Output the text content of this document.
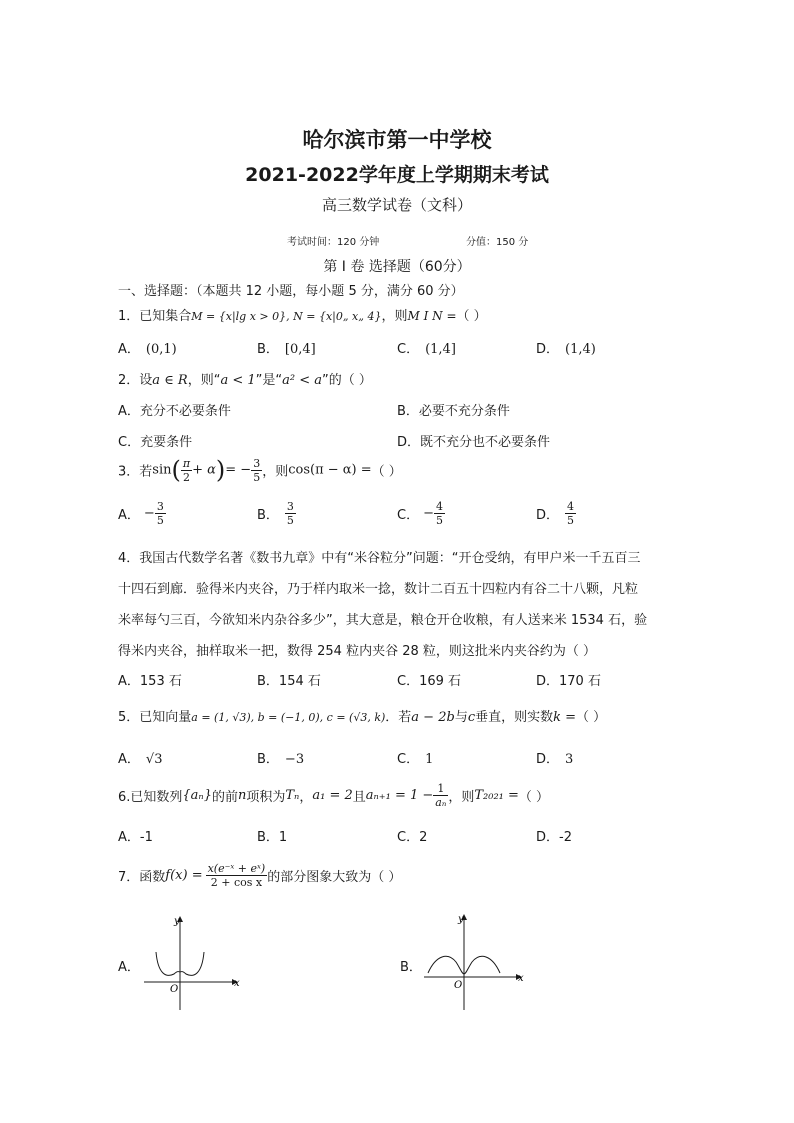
哈尔滨市第一中学校
2021-2022学年度上学期期末考试
高三数学试卷（文科）
考试时间：120 分钟	分值：150 分
第 I 卷 选择题（60分）
一、选择题：（本题共 12 小题，每小题 5 分，满分 60 分）
1．已知集合M = {x|lg x > 0}, N = {x|0„ x„ 4}，则M I N =（ ）
A． (0,1)	B． [0,4]	C． (1,4]	D． (1,4)
2．设a ∈ R，则“a < 1”是“a² < a”的（ ）
A．充分不必要条件	B．必要不充分条件
C．充要条件	D．既不充分也不必要条件
3．若$\sin( \frac{\pi}{2} + \alpha)= - \frac{3}{5}$ ，则cos(π − α) =（ ）
A． − $\frac{3}{5}$	B． $\frac{3}{5}$	C． − $\frac{4}{5}$	D． $\frac{4}{5}$
4．我国古代数学名著《数书九章》中有“米谷粒分”问题：“开仓受纳，有甲户米一千五百三
十四石到廊．验得米内夹谷，乃于样内取米一捻，数计二百五十四粒内有谷二十八颗，凡粒
米率每勺三百，今欲知米内杂谷多少”，其大意是，粮仓开仓收粮，有人送来米 1534 石，验
得米内夹谷，抽样取米一把，数得 254 粒内夹谷 28 粒，则这批米内夹谷约为（ ）
A．153 石	B．154 石	C．169 石	D．170 石
5．已知向量a = (1, √3), b = (−1, 0), c = (√3, k)．若a − 2b与c垂直，则实数k =（ ）
A． √3	B． −3	C． 1	D． 3
6.已知数列{aₙ}的前n项积为Tₙ，a₁ = 2且$a_{n+1} = 1 - \frac{1}{\text{aₙ}}$ ，则T₂₀₂₁ =（ ）
A．-1	B．1	C．2	D．-2
7．函数$f(x) = \frac{\text{x(e⁻ˣ + eˣ)}}{\text{2 + cos x}}$ 的部分图象大致为（ ）
A．
x
y
O
B．
x
y
O
